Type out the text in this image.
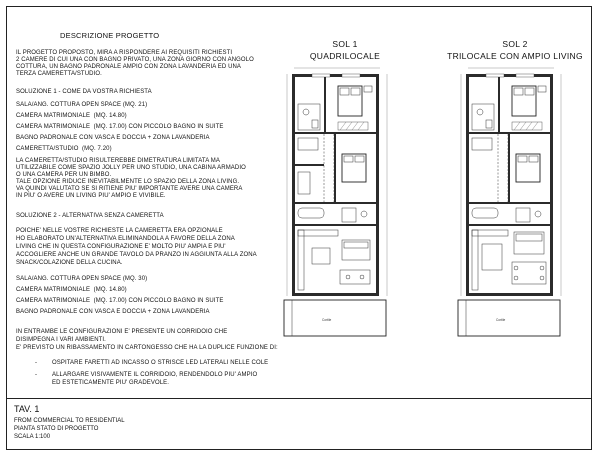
DESCRIZIONE PROGETTO
IL PROGETTO PROPOSTO, MIRA A RISPONDERE AI REQUISITI RICHIESTI
2 CAMERE DI CUI UNA CON BAGNO PRIVATO, UNA ZONA GIORNO CON ANGOLO
COTTURA, UN BAGNO PADRONALE AMPIO CON ZONA LAVANDERIA ED UNA
TERZA CAMERETTA/STUDIO.
SOLUZIONE 1 - COME DA VOSTRA RICHIESTA
SALA/ANG. COTTURA OPEN SPACE (MQ. 21)
CAMERA MATRIMONIALE  (MQ. 14.80)
CAMERA MATRIMONIALE  (MQ. 17.00) CON PICCOLO BAGNO IN SUITE
BAGNO PADRONALE CON VASCA E DOCCIA + ZONA LAVANDERIA
CAMERETTA/STUDIO  (MQ. 7.20)
LA CAMERETTA/STUDIO RISULTEREBBE DIMETRATURA LIMITATA MA
UTILIZZABILE COME SPAZIO JOLLY PER UNO STUDIO, UNA CABINA ARMADIO
O UNA CAMERA PER UN BIMBO.
TALE OPZIONE RIDUCE INEVITABILMENTE LO SPAZIO DELLA ZONA LIVING.
VA QUINDI VALUTATO SE SI RITIENE PIU' IMPORTANTE AVERE UNA CAMERA
IN PIU' O AVERE UN LIVING PIU' AMPIO E VIVIBILE.
SOLUZIONE 2 - ALTERNATIVA SENZA CAMERETTA
POICHE' NELLE VOSTRE RICHIESTE LA CAMERETTA ERA OPZIONALE
HO ELABORATO UN'ALTERNATIVA ELIMINANDOLA A FAVORE DELLA ZONA
LIVING CHE IN QUESTA CONFIGURAZIONE E' MOLTO PIU' AMPIA E PIU'
ACCOGLIERE ANCHE UN GRANDE TAVOLO DA PRANZO IN AGGIUNTA ALLA ZONA
SNACK/COLAZIONE DELLA CUCINA.
SALA/ANG. COTTURA OPEN SPACE (MQ. 30)
CAMERA MATRIMONIALE  (MQ. 14.80)
CAMERA MATRIMONIALE  (MQ. 17.00) CON PICCOLO BAGNO IN SUITE
BAGNO PADRONALE CON VASCA E DOCCIA + ZONA LAVANDERIA
IN ENTRAMBE LE CONFIGURAZIONI E' PRESENTE UN CORRIDOIO CHE
DISIMPEGNA I VARI AMBIENTI.
E' PREVISTO UN RIBASSAMENTO IN CARTONGESSO CHE HA LA DUPLICE FUNZIONE DI:
- OSPITARE FARETTI AD INCASSO O STRISCE LED LATERALI NELLE COLE
- ALLARGARE VISIVAMENTE IL CORRIDOIO, RENDENDOLO PIU' AMPIO
ED ESTETICAMENTE PIU' GRADEVOLE.
SOL 1
QUADRILOCALE
SOL 2
TRILOCALE CON AMPIO LIVING
Cortile	Cortile
TAV. 1
FROM COMMERCIAL TO RESIDENTIAL
PIANTA STATO DI PROGETTO
SCALA 1:100
